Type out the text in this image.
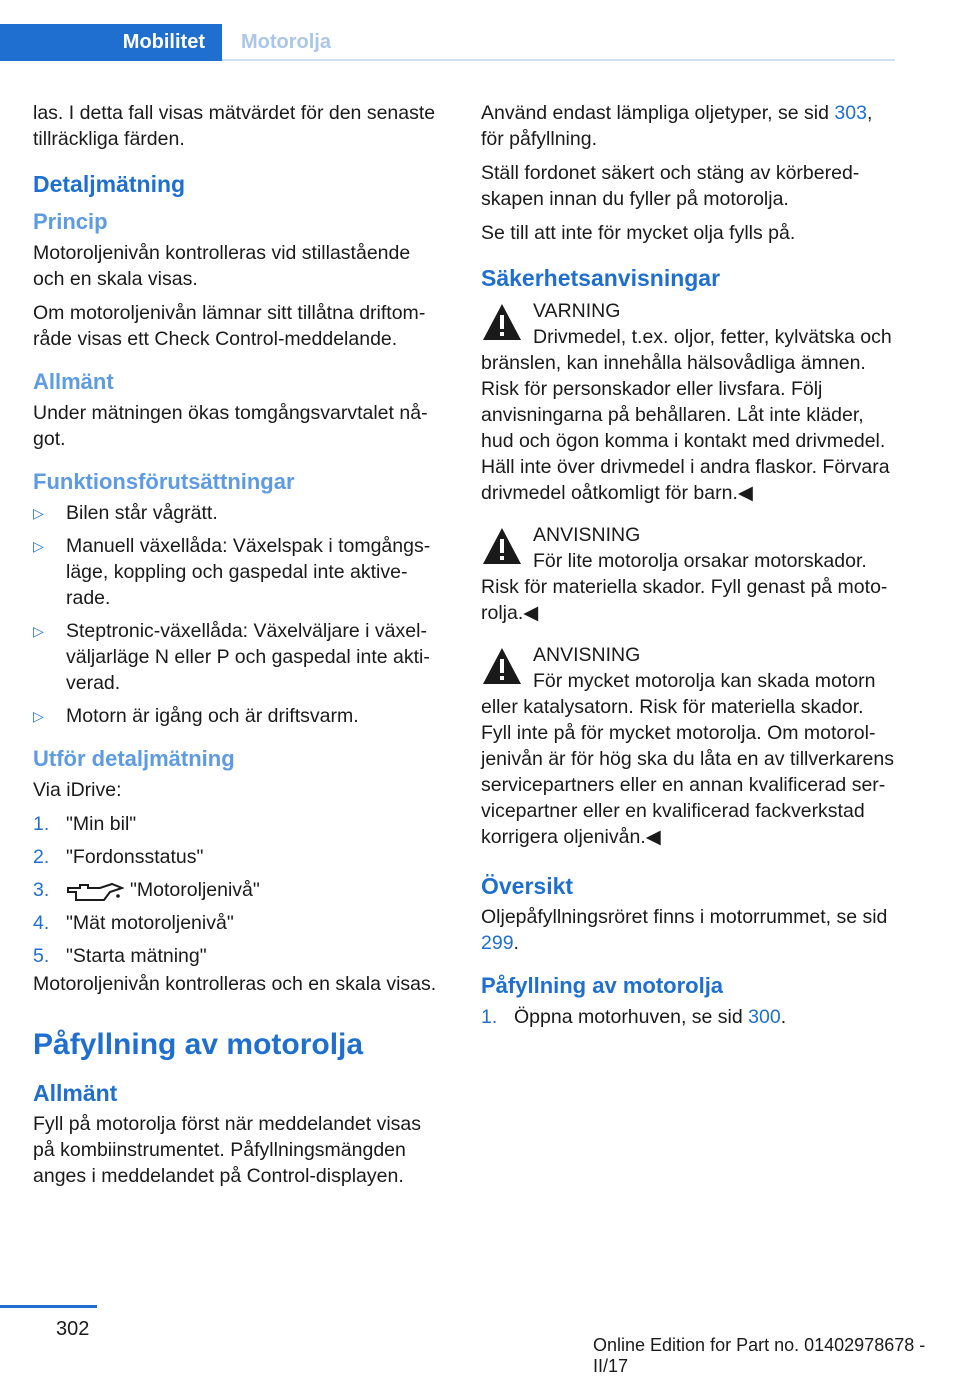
Mobilitet	Motorolja

las. I detta fall visas mätvärdet för den senaste tillräckliga färden.

Detaljmätning
Princip

Motoroljenivån kontrolleras vid stillastående och en skala visas.

Om motoroljenivån lämnar sitt tillåtna driftområde visas ett Check Control-meddelande.

Allmänt

Under mätningen ökas tomgångsvarvtalet något.

Funktionsförutsättningar
▷ Bilen står vågrätt.
▷ Manuell växellåda: Växelspak i tomgångsläge, koppling och gaspedal inte aktiverade.
▷ Steptronic-växellåda: Växelväljare i växelväljarläge N eller P och gaspedal inte aktiverad.
▷ Motorn är igång och är driftsvarm.
Utför detaljmätning

Via iDrive:

1. "Min bil"
2. "Fordonsstatus"
3.	"Motoroljenivå"
4. "Mät motoroljenivå"
5. "Starta mätning"

Motoroljenivån kontrolleras och en skala visas.

Påfyllning av motorolja
Allmänt

Fyll på motorolja först när meddelandet visas på kombiinstrumentet. Påfyllningsmängden anges i meddelandet på Control-displayen.

Använd endast lämpliga oljetyper, se sid 303, för påfyllning.

Ställ fordonet säkert och stäng av körberedskapen innan du fyller på motorolja.

Se till att inte för mycket olja fylls på.

Säkerhetsanvisningar
VARNING
Drivmedel, t.ex. oljor, fetter, kylvätska och bränslen, kan innehålla hälsovådliga ämnen. Risk för personskador eller livsfara. Följ anvisningarna på behållaren. Låt inte kläder, hud och ögon komma i kontakt med drivmedel. Häll inte över drivmedel i andra flaskor. Förvara drivmedel oåtkomligt för barn.◀
ANVISNING
För lite motorolja orsakar motorskador. Risk för materiella skador. Fyll genast på motorolja.◀
ANVISNING
För mycket motorolja kan skada motorn eller katalysatorn. Risk för materiella skador. Fyll inte på för mycket motorolja. Om motoroljenivån är för hög ska du låta en av tillverkarens servicepartners eller en annan kvalificerad servicepartner eller en kvalificerad fackverkstad korrigera oljenivån.◀
Översikt

Oljepåfyllningsröret finns i motorrummet, se sid 299.

Påfyllning av motorolja
1. Öppna motorhuven, se sid 300.
302
Online Edition for Part no. 01402978678 - II/17
